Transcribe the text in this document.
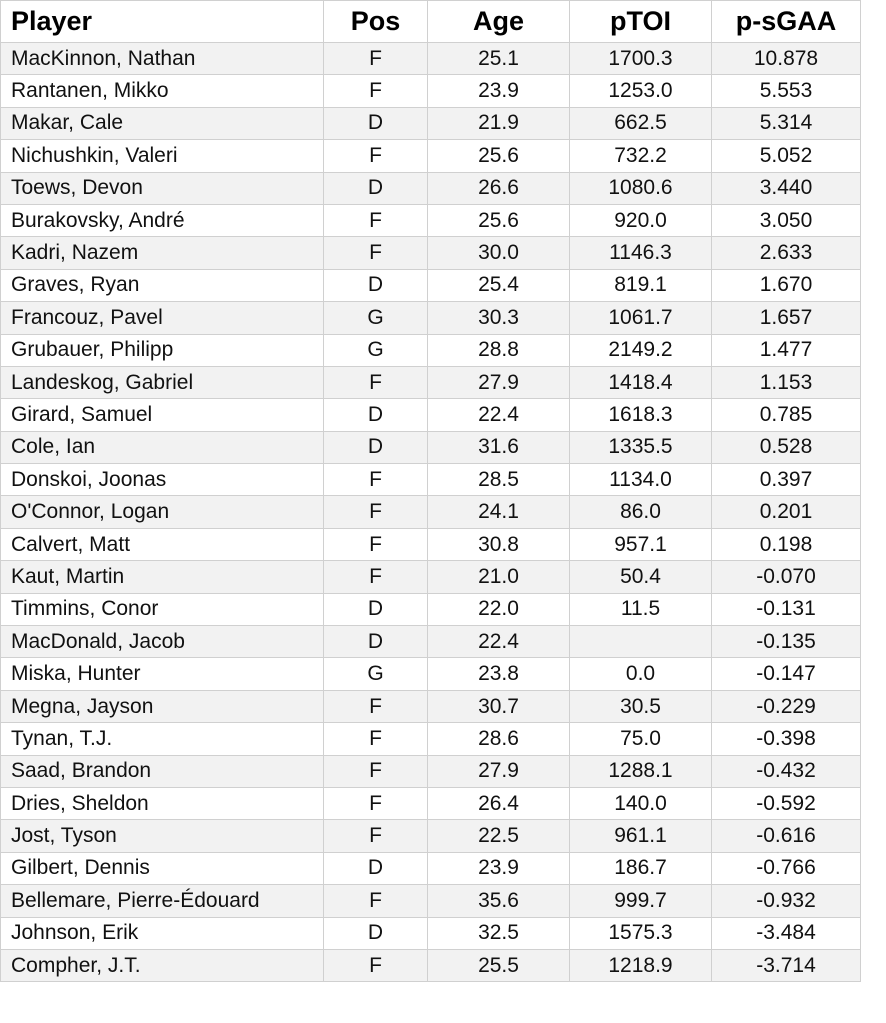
Player	Pos	Age	pTOI	p-sGAA
MacKinnon, Nathan	F	25.1	1700.3	10.878
Rantanen, Mikko	F	23.9	1253.0	5.553
Makar, Cale	D	21.9	662.5	5.314
Nichushkin, Valeri	F	25.6	732.2	5.052
Toews, Devon	D	26.6	1080.6	3.440
Burakovsky, André	F	25.6	920.0	3.050
Kadri, Nazem	F	30.0	1146.3	2.633
Graves, Ryan	D	25.4	819.1	1.670
Francouz, Pavel	G	30.3	1061.7	1.657
Grubauer, Philipp	G	28.8	2149.2	1.477
Landeskog, Gabriel	F	27.9	1418.4	1.153
Girard, Samuel	D	22.4	1618.3	0.785
Cole, Ian	D	31.6	1335.5	0.528
Donskoi, Joonas	F	28.5	1134.0	0.397
O'Connor, Logan	F	24.1	86.0	0.201
Calvert, Matt	F	30.8	957.1	0.198
Kaut, Martin	F	21.0	50.4	-0.070
Timmins, Conor	D	22.0	11.5	-0.131
MacDonald, Jacob	D	22.4		-0.135
Miska, Hunter	G	23.8	0.0	-0.147
Megna, Jayson	F	30.7	30.5	-0.229
Tynan, T.J.	F	28.6	75.0	-0.398
Saad, Brandon	F	27.9	1288.1	-0.432
Dries, Sheldon	F	26.4	140.0	-0.592
Jost, Tyson	F	22.5	961.1	-0.616
Gilbert, Dennis	D	23.9	186.7	-0.766
Bellemare, Pierre-Édouard	F	35.6	999.7	-0.932
Johnson, Erik	D	32.5	1575.3	-3.484
Compher, J.T.	F	25.5	1218.9	-3.714
